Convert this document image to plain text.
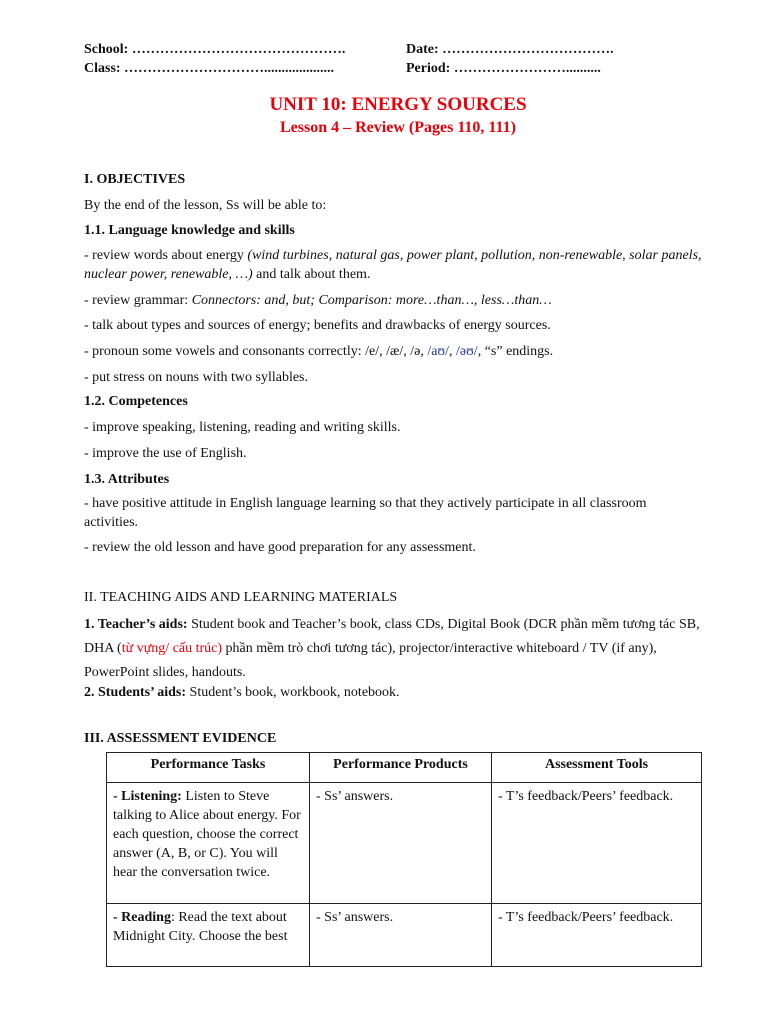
School: ……………………………………….	Date: ……………………………….
Class: …………………………....................	Period: ……………………..........
UNIT 10: ENERGY SOURCES
Lesson 4 – Review (Pages 110, 111)
I. OBJECTIVES
By the end of the lesson, Ss will be able to:
1.1. Language knowledge and skills
- review words about energy (wind turbines, natural gas, power plant, pollution, non-renewable, solar panels, nuclear power, renewable, …) and talk about them.
- review grammar: Connectors: and, but; Comparison: more…than…, less…than…
- talk about types and sources of energy; benefits and drawbacks of energy sources.
- pronoun some vowels and consonants correctly: /e/, /æ/, /ə, /aʊ/, /əʊ/, “s” endings.
- put stress on nouns with two syllables.
1.2. Competences
- improve speaking, listening, reading and writing skills.
- improve the use of English.
1.3. Attributes
- have positive attitude in English language learning so that they actively participate in all classroom activities.
- review the old lesson and have good preparation for any assessment.
II. TEACHING AIDS AND LEARNING MATERIALS
1. Teacher’s aids: Student book and Teacher’s book, class CDs, Digital Book (DCR phần mềm tương tác SB, DHA (từ vựng/ cấu trúc) phần mềm trò chơi tương tác), projector/interactive whiteboard / TV (if any), PowerPoint slides, handouts.
2. Students’ aids: Student’s book, workbook, notebook.
III. ASSESSMENT EVIDENCE
Performance Tasks	Performance Products	Assessment Tools
- Listening: Listen to Steve talking to Alice about energy. For each question, choose the correct answer (A, B, or C). You will hear the conversation twice.	- Ss’ answers.	- T’s feedback/Peers’ feedback.
- Reading: Read the text about Midnight City. Choose the best	- Ss’ answers.	- T’s feedback/Peers’ feedback.
